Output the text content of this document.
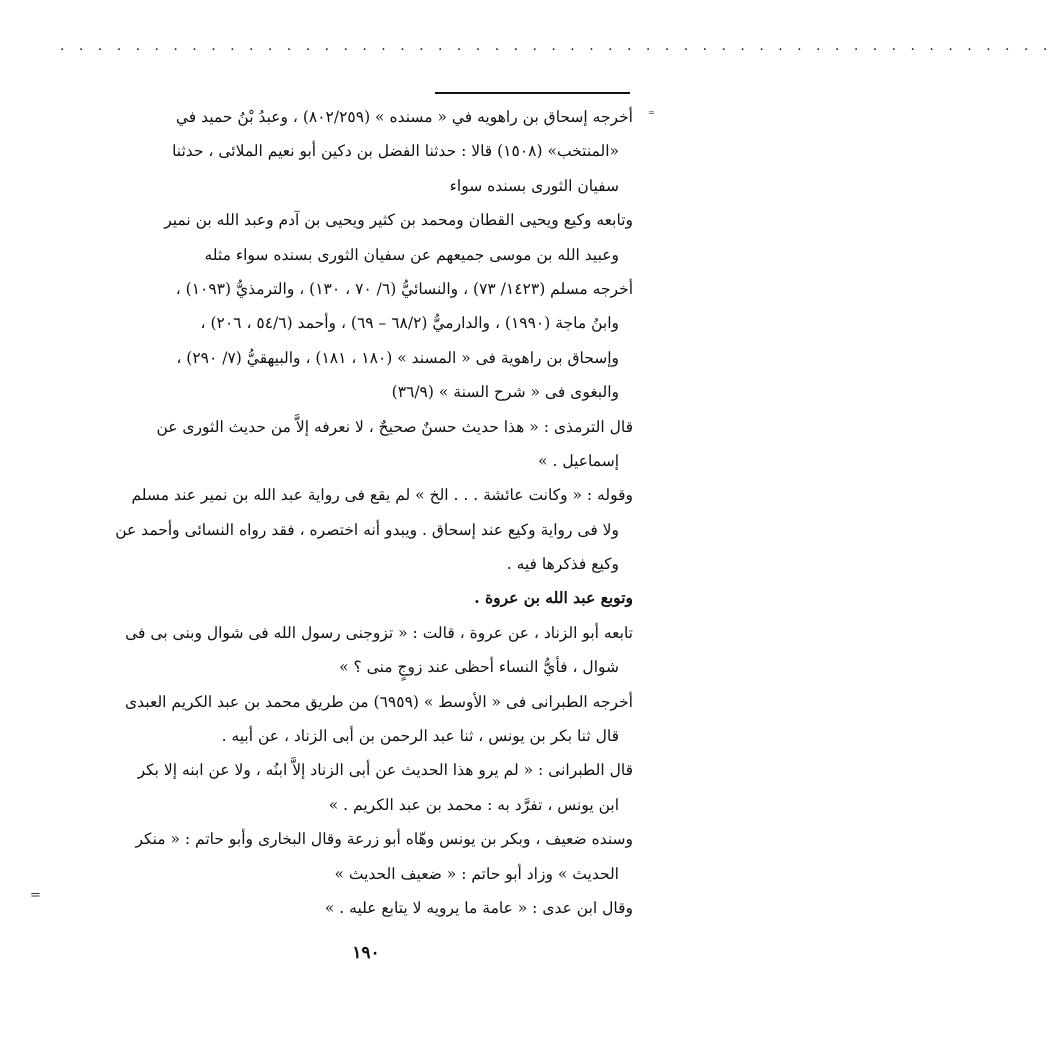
. . . . . . . . . . . . . . . . . . . . . . . . . . . . . . . . . . . . . . . . . . . . . . . . . . . . .
⁼
=
أخرجه إسحاق بن راهويه في « مسنده » (٨٠٢/٢٥٩) ، وعبدُ بْنُ حميد في
«المنتخب» (١٥٠٨) قالا : حدثنا الفضل بن دكين أبو نعيم الملائى ، حدثنا
سفيان الثورى بسنده سواء
وتابعه وكيع ويحيى القطان ومحمد بن كثير ويحيى بن آدم وعبد الله بن نمير
وعبيد الله بن موسى جميعهم عن سفيان الثورى بسنده سواء مثله
أخرجه مسلم (١٤٢٣/ ٧٣) ، والنسائيُّ (٦/ ٧٠ ، ١٣٠) ، والترمذيُّ (١٠٩٣) ،
وابنُ ماجة (١٩٩٠) ، والدارميُّ (٦٨/٢ – ٦٩) ، وأحمد (٥٤/٦ ، ٢٠٦) ،
وإسحاق بن راهوية فى « المسند » (١٨٠ ، ١٨١) ، والبيهقيُّ (٧/ ٢٩٠) ،
والبغوى فى « شرح السنة » (٣٦/٩)
قال الترمذى : « هذا حديث حسنٌ صحيحٌ ، لا نعرفه إلاَّ من حديث الثورى عن
إسماعيل . »
وقوله : « وكانت عائشة . . . الخ » لم يقع فى رواية عبد الله بن نمير عند مسلم
ولا فى رواية وكيع عند إسحاق . ويبدو أنه اختصره ، فقد رواه النسائى وأحمد عن
وكيع فذكرها فيه .
وتوبع عبد الله بن عروة .
تابعه أبو الزناد ، عن عروة ، قالت : « تزوجنى رسول الله فى شوال وبنى بى فى
شوال ، فأيُّ النساء أحظى عند زوجٍ منى ؟ »
أخرجه الطبرانى فى « الأوسط » (٦٩٥٩) من طريق محمد بن عبد الكريم العبدى
قال ثنا بكر بن يونس ، ثنا عبد الرحمن بن أبى الزناد ، عن أبيه .
قال الطبرانى : « لم يرو هذا الحديث عن أبى الزناد إلاَّ ابنُه ، ولا عن ابنه إلا بكر
ابن يونس ، تفرَّد به : محمد بن عبد الكريم . »
وسنده ضعيف ، وبكر بن يونس وهّاه أبو زرعة وقال البخارى وأبو حاتم : « منكر
الحديث » وزاد أبو حاتم : « ضعيف الحديث »
وقال ابن عدى : « عامة ما يرويه لا يتابع عليه . »
١٩٠
